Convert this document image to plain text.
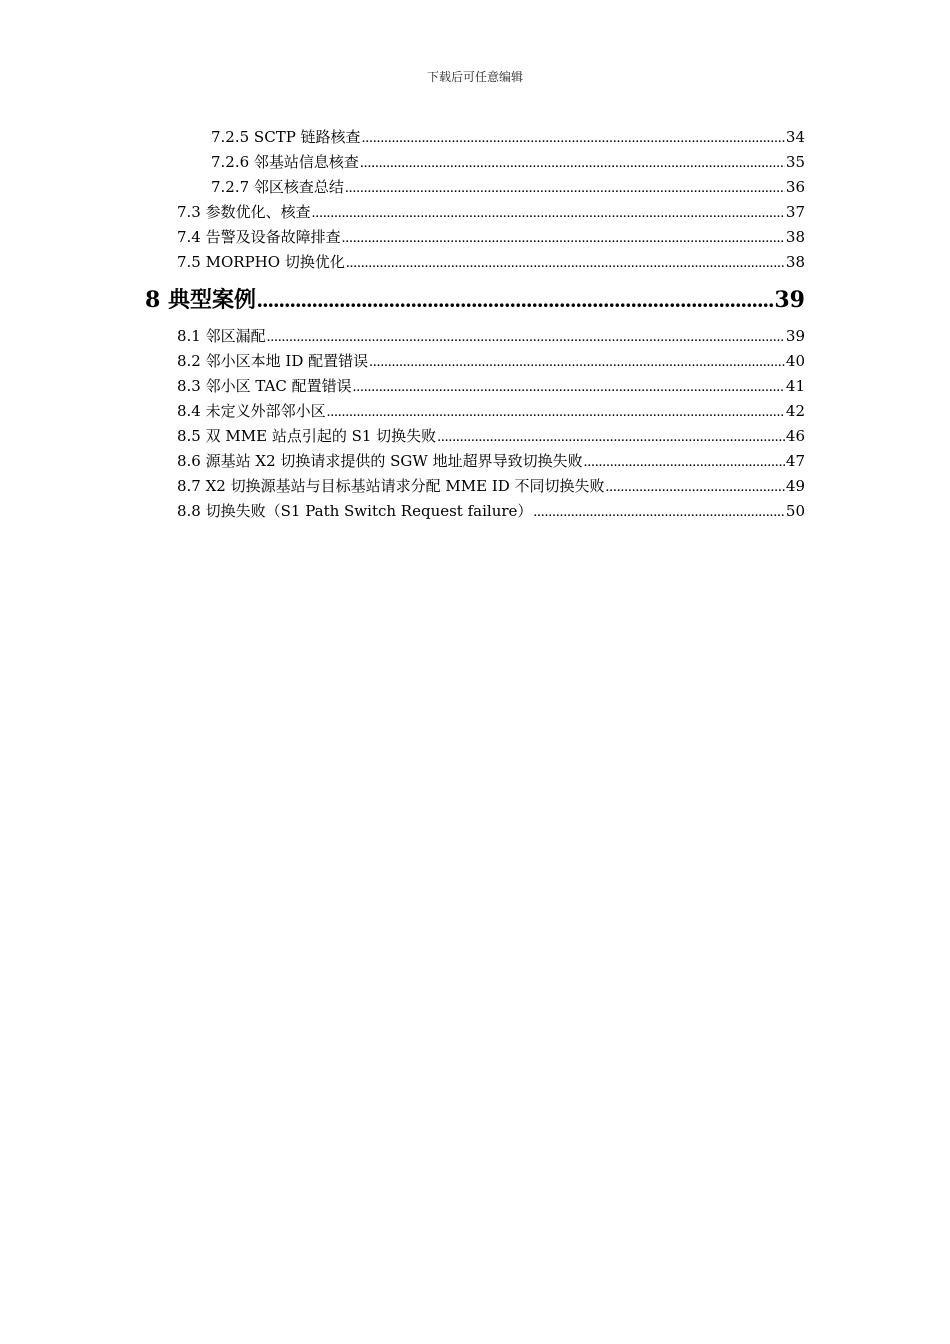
下载后可任意编辑
7.2.5 SCTP 链路核查 .....	34
7.2.6 邻基站信息核查 .....	35
7.2.7 邻区核查总结 .....	36
7.3 参数优化、核查 .....	37
7.4 告警及设备故障排查 .....	38
7.5 MORPHO 切换优化 .....	38
8 典型案例 .....	39
8.1 邻区漏配 .....	39
8.2 邻小区本地 ID 配置错误 .....	40
8.3 邻小区 TAC 配置错误 .....	41
8.4 未定义外部邻小区 .....	42
8.5 双 MME 站点引起的 S1 切换失败 .....	46
8.6 源基站 X2 切换请求提供的 SGW 地址超界导致切换失败 .....	47
8.7 X2 切换源基站与目标基站请求分配 MME ID 不同切换失败 .....	49
8.8 切换失败（S1 Path Switch Request failure） .....	50
